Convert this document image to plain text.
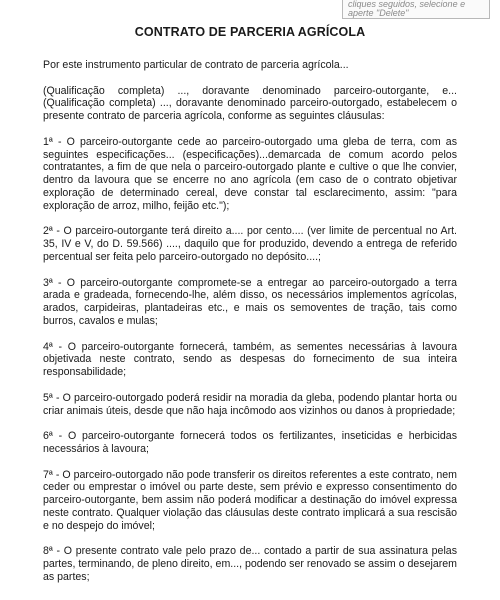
cliques seguidos, selecione e
aperte "Delete"
CONTRATO DE PARCERIA AGRÍCOLA

Por este instrumento particular de contrato de parceria agrícola...

(Qualificação completa) ..., doravante denominado parceiro-outorgante, e... (Qualificação completa) ..., doravante denominado parceiro-outorgado, estabelecem o presente contrato de parceria agrícola, conforme as seguintes cláusulas:

1ª - O parceiro-outorgante cede ao parceiro-outorgado uma gleba de terra, com as seguintes especificações... (especificações)...demarcada de comum acordo pelos contratantes, a fim de que nela o parceiro-outorgado plante e cultive o que lhe convier, dentro da lavoura que se encerre no ano agrícola (em caso de o contrato objetivar exploração de determinado cereal, deve constar tal esclarecimento, assim: "para exploração de arroz, milho, feijão etc.");

2ª - O parceiro-outorgante terá direito a.... por cento.... (ver limite de percentual no Art. 35, IV e V, do D. 59.566) ...., daquilo que for produzido, devendo a entrega de referido percentual ser feita pelo parceiro-outorgado no depósito....;

3ª - O parceiro-outorgante compromete-se a entregar ao parceiro-outorgado a terra arada e gradeada, fornecendo-lhe, além disso, os necessários implementos agrícolas, arados, carpideiras, plantadeiras etc., e mais os semoventes de tração, tais como burros, cavalos e mulas;

4ª - O parceiro-outorgante fornecerá, também, as sementes necessárias à lavoura objetivada neste contrato, sendo as despesas do fornecimento de sua inteira responsabilidade;

5ª - O parceiro-outorgado poderá residir na moradia da gleba, podendo plantar horta ou criar animais úteis, desde que não haja incômodo aos vizinhos ou danos à propriedade;

6ª - O parceiro-outorgante fornecerá todos os fertilizantes, inseticidas e herbicidas necessários à lavoura;

7ª - O parceiro-outorgado não pode transferir os direitos referentes a este contrato, nem ceder ou emprestar o imóvel ou parte deste, sem prévio e expresso consentimento do parceiro-outorgante, bem assim não poderá modificar a destinação do imóvel expressa neste contrato. Qualquer violação das cláusulas deste contrato implicará a sua rescisão e no despejo do imóvel;

8ª - O presente contrato vale pelo prazo de... contado a partir de sua assinatura pelas partes, terminando, de pleno direito, em..., podendo ser renovado se assim o desejarem as partes;
